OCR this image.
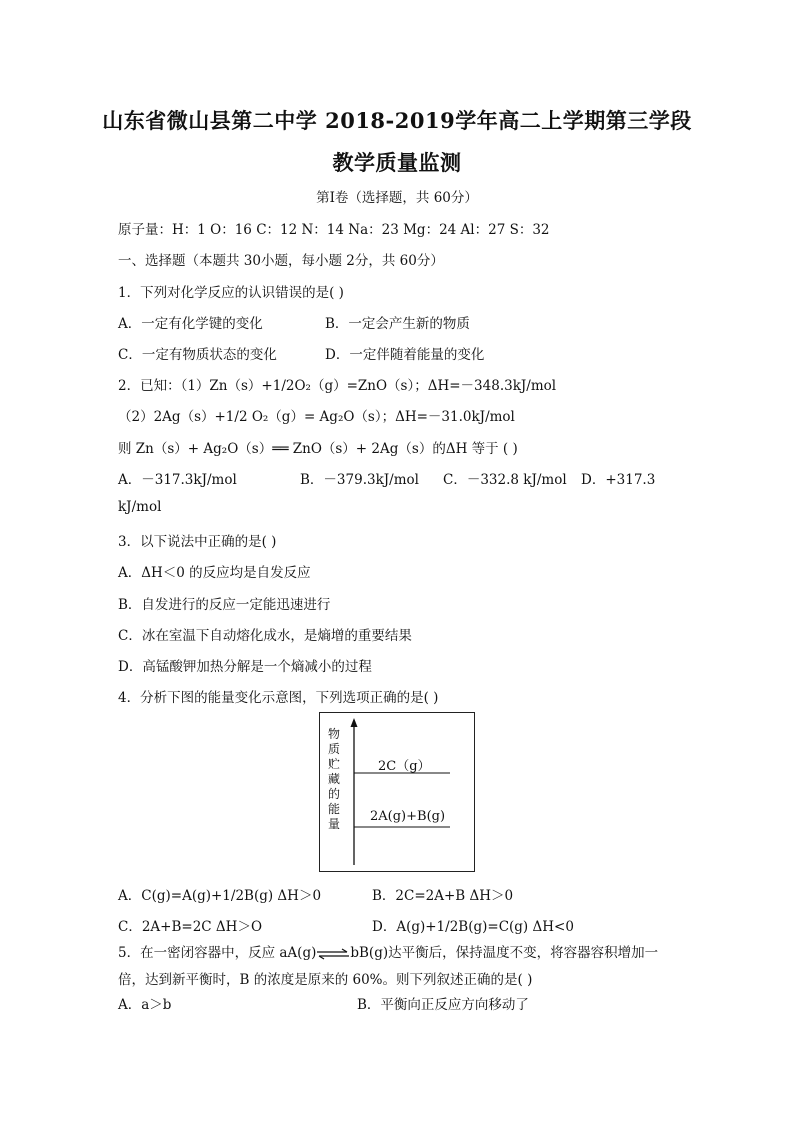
山东省微山县第二中学 2018-2019学年高二上学期第三学段
教学质量监测
第Ⅰ卷（选择题，共 60分）
原子量：H：1 O：16 C：12 N：14 Na：23 Mg：24 Al：27 S：32
一、选择题（本题共 30小题，每小题 2分，共 60分）
1．下列对化学反应的认识错误的是( )
A．一定有化学键的变化	B．一定会产生新的物质
C．一定有物质状态的变化	D．一定伴随着能量的变化
2．已知：（1）Zn（s）+1/2O₂（g）=ZnO（s）；ΔH=－348.3kJ/mol
（2）2Ag（s）+1/2 O₂（g）= Ag₂O（s）；ΔH=－31.0kJ/mol
则 Zn（s）+ Ag₂O（s）══ ZnO（s）+ 2Ag（s）的ΔH 等于 ( )
A．－317.3kJ/mol	B．－379.3kJ/mol C．－332.8 kJ/mol D．+317.3
kJ/mol
3．以下说法中正确的是( )
A．ΔH＜0 的反应均是自发反应
B．自发进行的反应一定能迅速进行
C．冰在室温下自动熔化成水，是熵增的重要结果
D．高锰酸钾加热分解是一个熵减小的过程
4．分析下图的能量变化示意图，下列选项正确的是( )
物质贮藏的能量
2C（g）
2A(g)+B(g)
A．C(g)=A(g)+1/2B(g) ΔH＞0	B．2C=2A+B ΔH＞0
C．2A+B=2C ΔH＞O	D．A(g)+1/2B(g)=C(g) ΔH<0
5．在一密闭容器中，反应 aA(g)⇌bB(g)达平衡后，保持温度不变，将容器容积增加一
倍，达到新平衡时，B 的浓度是原来的 60%。则下列叙述正确的是( )
A．a＞b	B．平衡向正反应方向移动了
